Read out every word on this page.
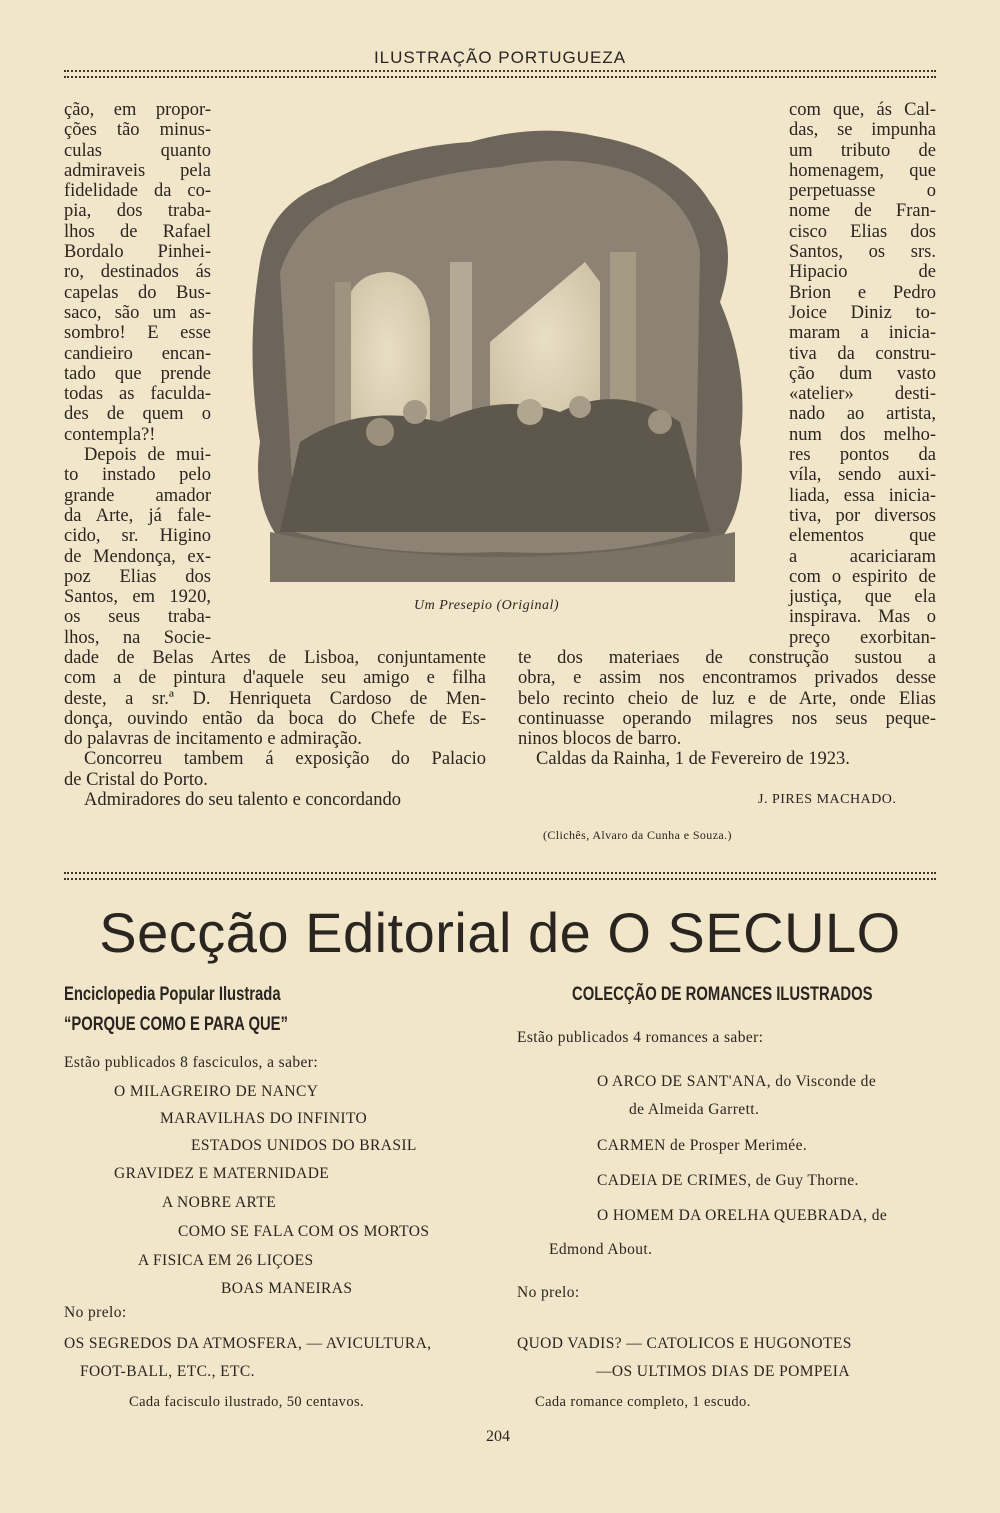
ILUSTRAÇÃO PORTUGUEZA
ção, em propor-
ções tão minus-
culas quanto
admiraveis pela
fidelidade da co-
pia, dos traba-
lhos de Rafael
Bordalo Pinhei-
ro, destinados ás
capelas do Bus-
saco, são um as-
sombro! E esse
candieiro encan-
tado que prende
todas as faculda-
des de quem o
contempla?!
Depois de mui-
to instado pelo
grande amador
da Arte, já fale-
cido, sr. Higino
de Mendonça, ex-
poz Elias dos
Santos, em 1920,
os seus traba-
lhos, na Socie-
dade de Belas Artes de Lisboa, conjuntamente
com a de pintura d'aquele seu amigo e filha
deste, a sr.ª D. Henriqueta Cardoso de Men-
donça, ouvindo então da boca do Chefe de Es-
do palavras de incitamento e admiração.
Concorreu tambem á exposição do Palacio
de Cristal do Porto.
Admiradores do seu talento e concordando
Um Presepio (Original)
com que, ás Cal-
das, se impunha
um tributo de
homenagem, que
perpetuasse o
nome de Fran-
cisco Elias dos
Santos, os srs.
Hipacio de
Brion e Pedro
Joice Diniz to-
maram a inicia-
tiva da constru-
ção dum vasto
«atelier» desti-
nado ao artista,
num dos melho-
res pontos da
víla, sendo auxi-
liada, essa inicia-
tiva, por diversos
elementos que
a acariciaram
com o espirito de
justiça, que ela
inspirava. Mas o
preço exorbitan-
te dos materiaes de construção sustou a
obra, e assim nos encontramos privados desse
belo recinto cheio de luz e de Arte, onde Elias
continuasse operando milagres nos seus peque-
ninos blocos de barro.
Caldas da Rainha, 1 de Fevereiro de 1923.
J. PIRES MACHADO.
(Clichês, Alvaro da Cunha e Souza.)
Secção Editorial de O SECULO
Enciclopedia Popular Ilustrada
“PORQUE COMO E PARA QUE”
Estão publicados 8 fasciculos, a saber:
O MILAGREIRO DE NANCY
MARAVILHAS DO INFINITO
ESTADOS UNIDOS DO BRASIL
GRAVIDEZ E MATERNIDADE
A NOBRE ARTE
COMO SE FALA COM OS MORTOS
A FISICA EM 26 LIÇOES
BOAS MANEIRAS
No prelo:
OS SEGREDOS DA ATMOSFERA, — AVICULTURA,
FOOT-BALL, ETC., ETC.
Cada facisculo ilustrado, 50 centavos.
COLECÇÃO DE ROMANCES ILUSTRADOS
Estão publicados 4 romances a saber:
O ARCO DE SANT'ANA, do Visconde de
de Almeida Garrett.
CARMEN de Prosper Merimée.
CADEIA DE CRIMES, de Guy Thorne.
O HOMEM DA ORELHA QUEBRADA, de
Edmond About.
No prelo:
QUOD VADIS? — CATOLICOS E HUGONOTES
—OS ULTIMOS DIAS DE POMPEIA
Cada romance completo, 1 escudo.
204
